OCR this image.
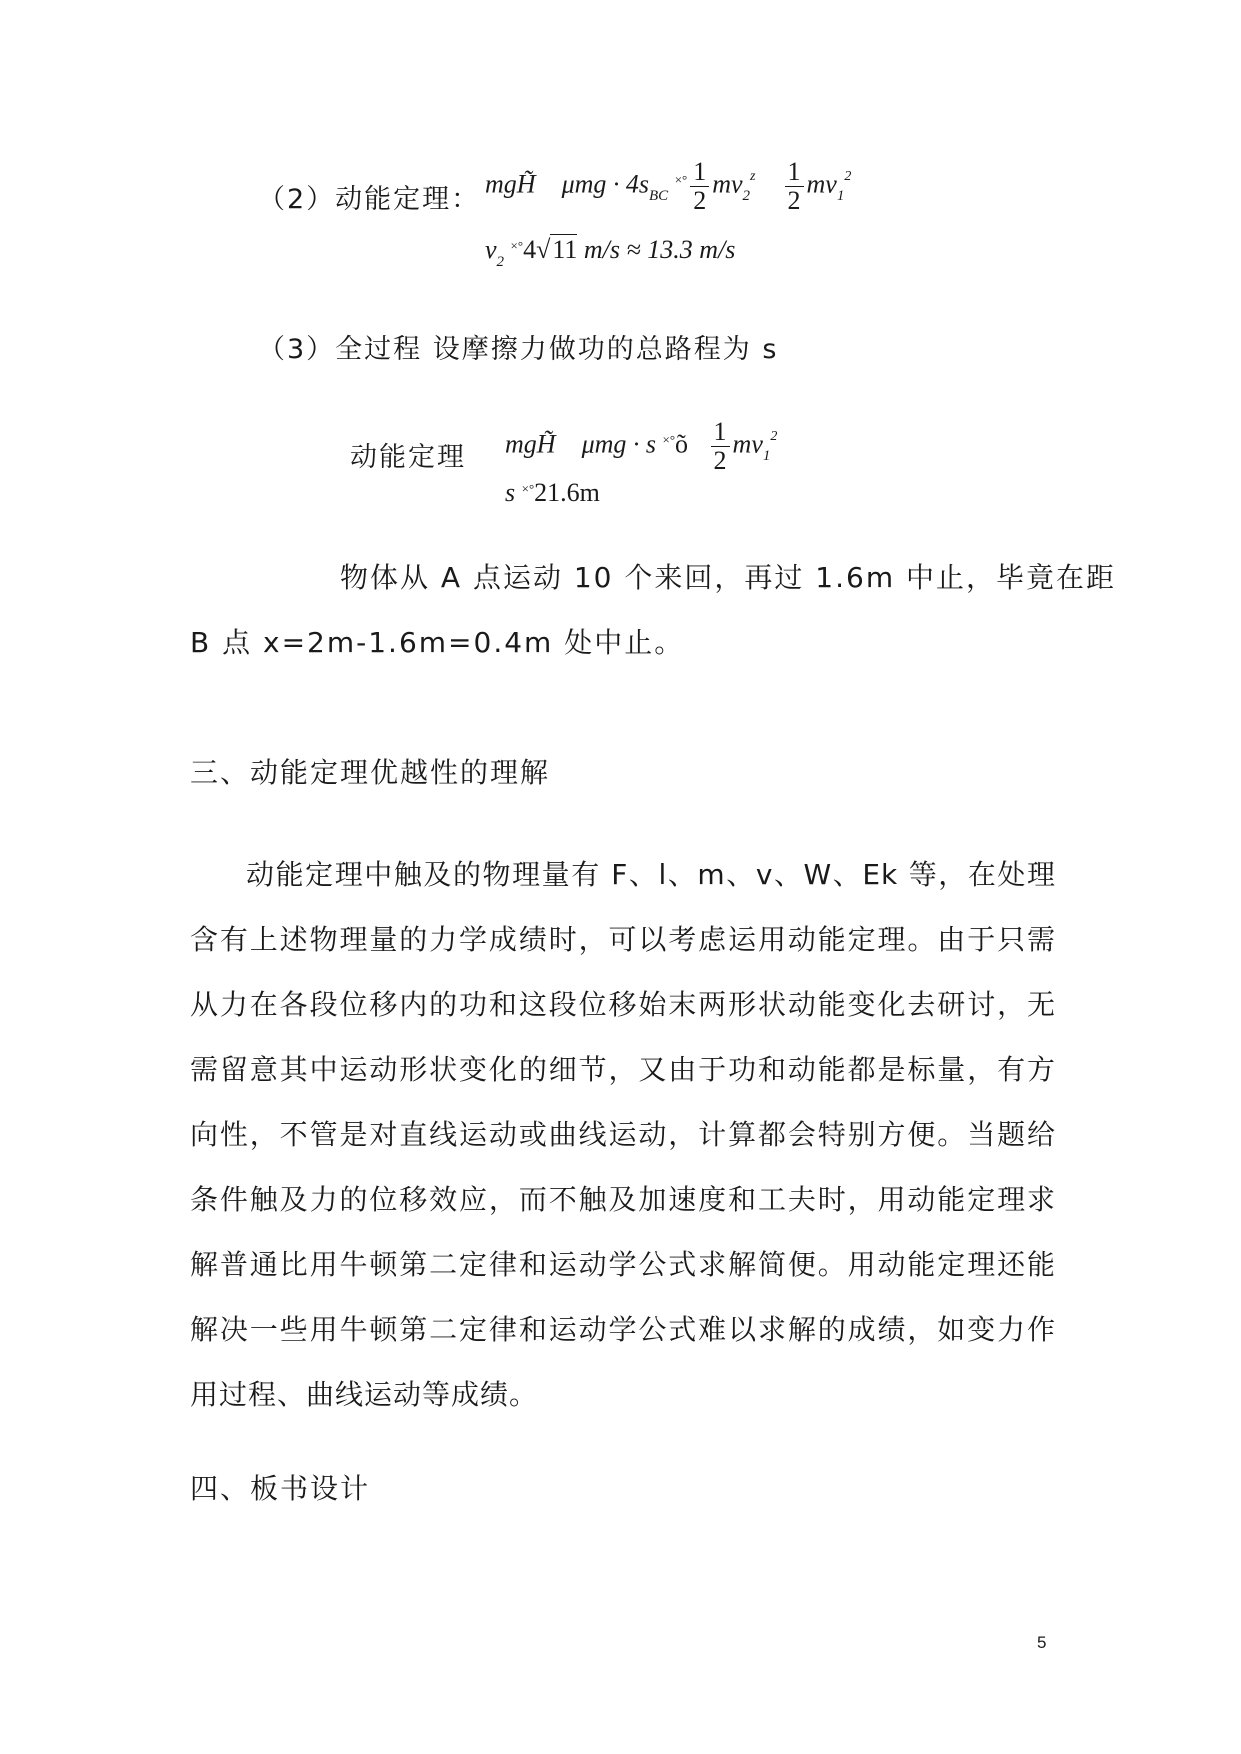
（2）动能定理：
mgH̃ $\mu mg \cdot 4s_{BC}$ $^{\times^\circ} \frac{1}{2} mv_2^z \frac{1}{2} mv_1^2$
$v_2$ ×°4√11 m/s ≈ 13.3 m/s
（3）全过程 设摩擦力做功的总路程为 s
动能定理 mgH̃ μmg · s ×°õ $\frac{1}{2} mv_1^2$
s ×°21.6m
物体从 A 点运动 10 个来回，再过 1.6m 中止，毕竟在距
B 点 x=2m-1.6m=0.4m 处中止。
三、动能定理优越性的理解
动能定理中触及的物理量有 F、l、m、v、W、Ek 等，在处理含有上述物理量的力学成绩时，可以考虑运用动能定理。由于只需从力在各段位移内的功和这段位移始末两形状动能变化去研讨，无需留意其中运动形状变化的细节，又由于功和动能都是标量，有方向性，不管是对直线运动或曲线运动，计算都会特别方便。当题给条件触及力的位移效应，而不触及加速度和工夫时，用动能定理求解普通比用牛顿第二定律和运动学公式求解简便。用动能定理还能解决一些用牛顿第二定律和运动学公式难以求解的成绩，如变力作用过程、曲线运动等成绩。
四、板书设计
5
